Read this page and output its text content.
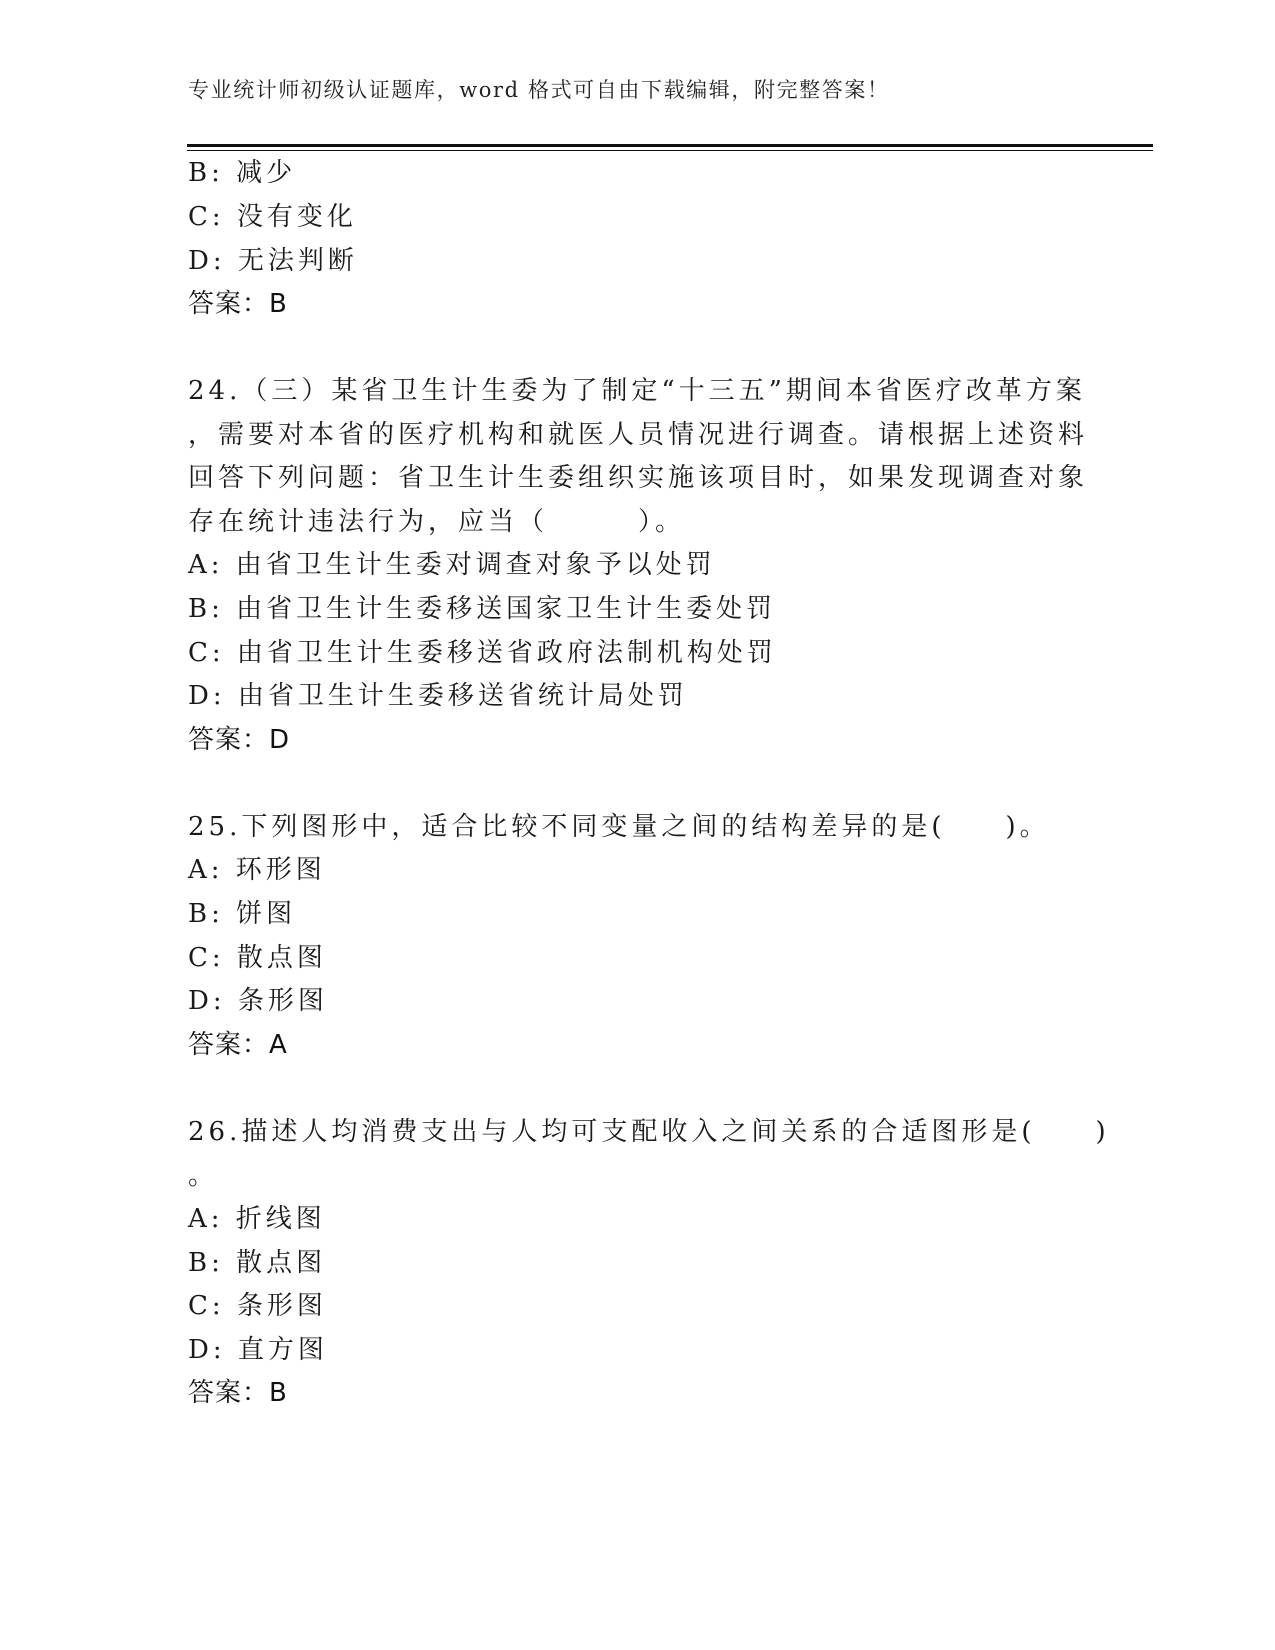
专业统计师初级认证题库，word 格式可自由下载编辑，附完整答案！
B: 减少
C: 没有变化
D: 无法判断
答案：B
24.（三）某省卫生计生委为了制定“十三五”期间本省医疗改革方案
，需要对本省的医疗机构和就医人员情况进行调查。请根据上述资料
回答下列问题：省卫生计生委组织实施该项目时，如果发现调查对象
存在统计违法行为，应当（　　　）。
A: 由省卫生计生委对调查对象予以处罚
B: 由省卫生计生委移送国家卫生计生委处罚
C: 由省卫生计生委移送省政府法制机构处罚
D: 由省卫生计生委移送省统计局处罚
答案：D
25.下列图形中，适合比较不同变量之间的结构差异的是(　　)。
A: 环形图
B: 饼图
C: 散点图
D: 条形图
答案：A
26.描述人均消费支出与人均可支配收入之间关系的合适图形是(　　)
。
A: 折线图
B: 散点图
C: 条形图
D: 直方图
答案：B
